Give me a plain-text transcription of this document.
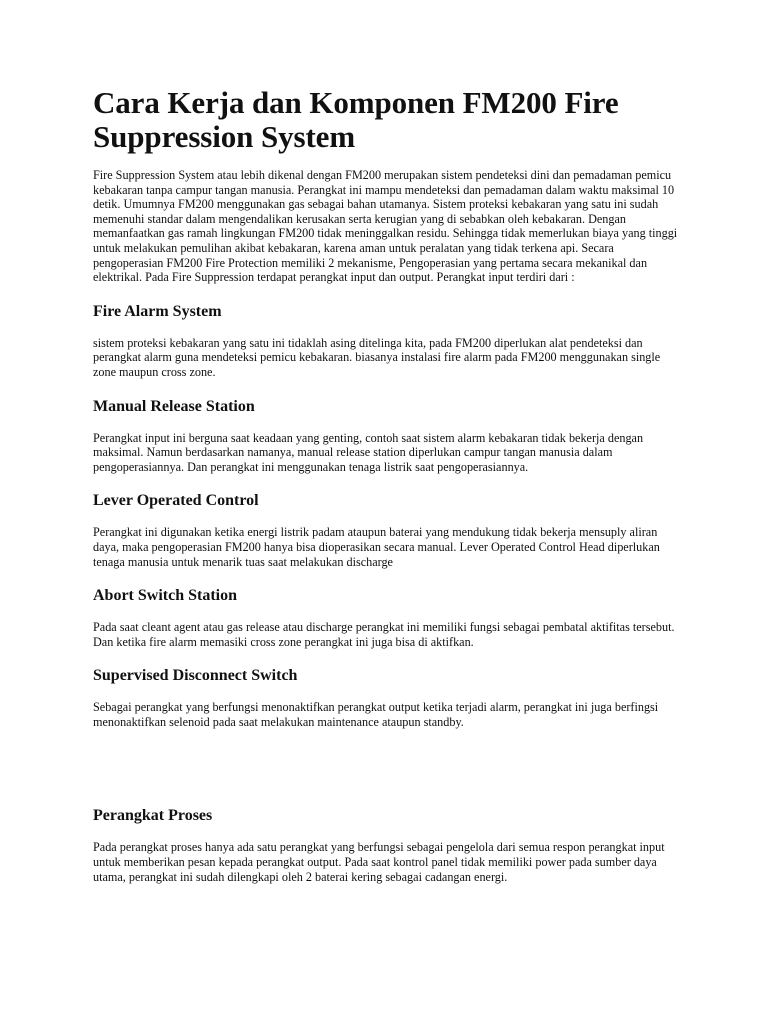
Cara Kerja dan Komponen FM200 Fire Suppression System

Fire Suppression System atau lebih dikenal dengan FM200 merupakan sistem pendeteksi dini dan pemadaman pemicu kebakaran tanpa campur tangan manusia. Perangkat ini mampu mendeteksi dan pemadaman dalam waktu maksimal 10 detik. Umumnya FM200 menggunakan gas sebagai bahan utamanya. Sistem proteksi kebakaran yang satu ini sudah memenuhi standar dalam mengendalikan kerusakan serta kerugian yang di sebabkan oleh kebakaran. Dengan memanfaatkan gas ramah lingkungan FM200 tidak meninggalkan residu. Sehingga tidak memerlukan biaya yang tinggi untuk melakukan pemulihan akibat kebakaran, karena aman untuk peralatan yang tidak terkena api. Secara pengoperasian FM200 Fire Protection memiliki 2 mekanisme, Pengoperasian yang pertama secara mekanikal dan elektrikal. Pada Fire Suppression terdapat perangkat input dan output. Perangkat input terdiri dari :

Fire Alarm System

sistem proteksi kebakaran yang satu ini tidaklah asing ditelinga kita, pada FM200 diperlukan alat pendeteksi dan perangkat alarm guna mendeteksi pemicu kebakaran. biasanya instalasi fire alarm pada FM200 menggunakan single zone maupun cross zone.

Manual Release Station

Perangkat input ini berguna saat keadaan yang genting, contoh saat sistem alarm kebakaran tidak bekerja dengan maksimal. Namun berdasarkan namanya, manual release station diperlukan campur tangan manusia dalam pengoperasiannya. Dan perangkat ini menggunakan tenaga listrik saat pengoperasiannya.

Lever Operated Control

Perangkat ini digunakan ketika energi listrik padam ataupun baterai yang mendukung tidak bekerja mensuply aliran daya, maka pengoperasian FM200 hanya bisa dioperasikan secara manual. Lever Operated Control Head diperlukan tenaga manusia untuk menarik tuas saat melakukan discharge

Abort Switch Station

Pada saat cleant agent atau gas release atau discharge perangkat ini memiliki fungsi sebagai pembatal aktifitas tersebut. Dan ketika fire alarm memasiki cross zone perangkat ini juga bisa di aktifkan.

Supervised Disconnect Switch

Sebagai perangkat yang berfungsi menonaktifkan perangkat output ketika terjadi alarm, perangkat ini juga berfingsi menonaktifkan selenoid pada saat melakukan maintenance ataupun standby.

Perangkat Proses

Pada perangkat proses hanya ada satu perangkat yang berfungsi sebagai pengelola dari semua respon perangkat input untuk memberikan pesan kepada perangkat output. Pada saat kontrol panel tidak memiliki power pada sumber daya utama, perangkat ini sudah dilengkapi oleh 2 baterai kering sebagai cadangan energi.
